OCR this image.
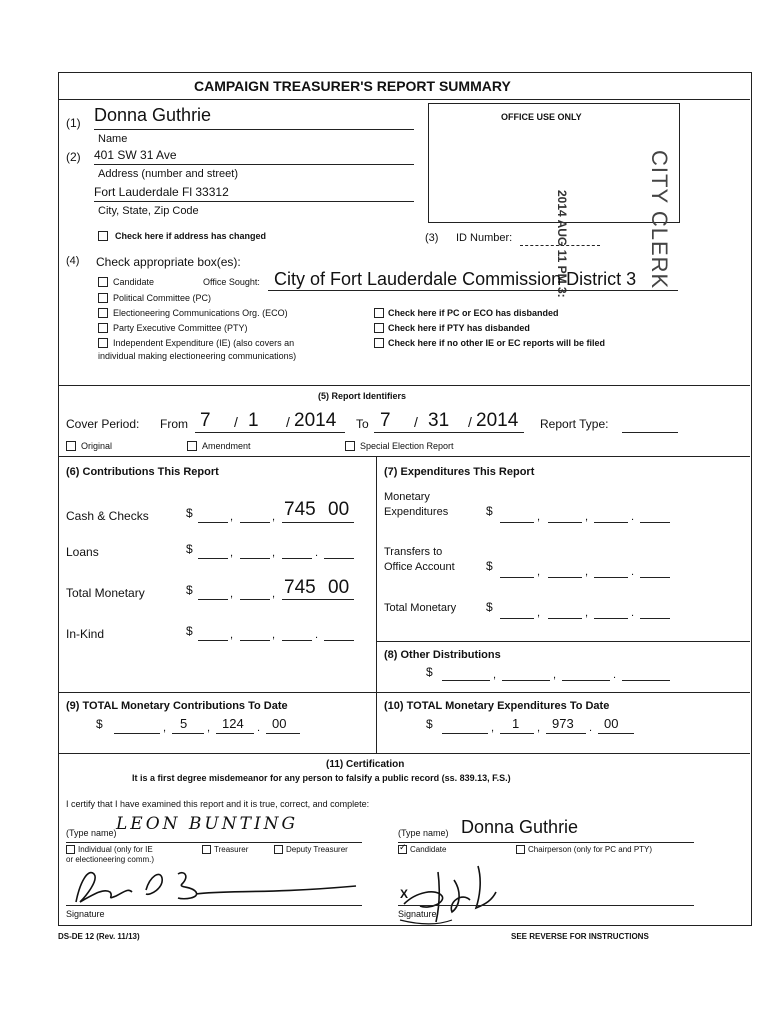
CAMPAIGN TREASURER'S REPORT SUMMARY
(1) Donna Guthrie
Name
(2) 401 SW 31 Ave
Address (number and street)
Fort Lauderdale Fl 33312
City, State, Zip Code
Check here if address has changed
OFFICE USE ONLY
2014 AUG 11 PM 3:	CITY CLERK
(3) ID Number:
(4) Check appropriate box(es):
Candidate	Office Sought: City of Fort Lauderdale Commission District 3
Political Committee (PC)
Electioneering Communications Org. (ECO)
Party Executive Committee (PTY)
Independent Expenditure (IE) (also covers an
individual making electioneering communications)
Check here if PC or ECO has disbanded
Check here if PTY has disbanded
Check here if no other IE or EC reports will be filed
(5) Report Identifiers
Cover Period: From 7 / 1 / 2014 To 7 / 31 / 2014 Report Type:
Original	Amendment	Special Election Report
(6) Contributions This Report
Cash & Checks	$	,	, 745 00
Loans	$	,	,	.
Total Monetary	$	,	, 745 00
In-Kind	$	,	,	.
(7) Expenditures This Report
Monetary
Expenditures	$	,	,	.
Transfers to
Office Account	$	,	,	.
Total Monetary $	,	,	.
(8) Other Distributions
$	,	,	.
(9) TOTAL Monetary Contributions To Date
$	, 5 , 124 . 00
(10) TOTAL Monetary Expenditures To Date
$	, 1 , 973 . 00
(11) Certification
It is a first degree misdemeanor for any person to falsify a public record (ss. 839.13, F.S.)
I certify that I have examined this report and it is true, correct, and complete:
(Type name) LEON BUNTING
Individual (only for IE
or electioneering comm.)
Treasurer	Deputy Treasurer
(Type name) Donna Guthrie
✓ Candidate	Chairperson (only for PC and PTY)
Signature
X
Signature
DS-DE 12 (Rev. 11/13)	SEE REVERSE FOR INSTRUCTIONS
